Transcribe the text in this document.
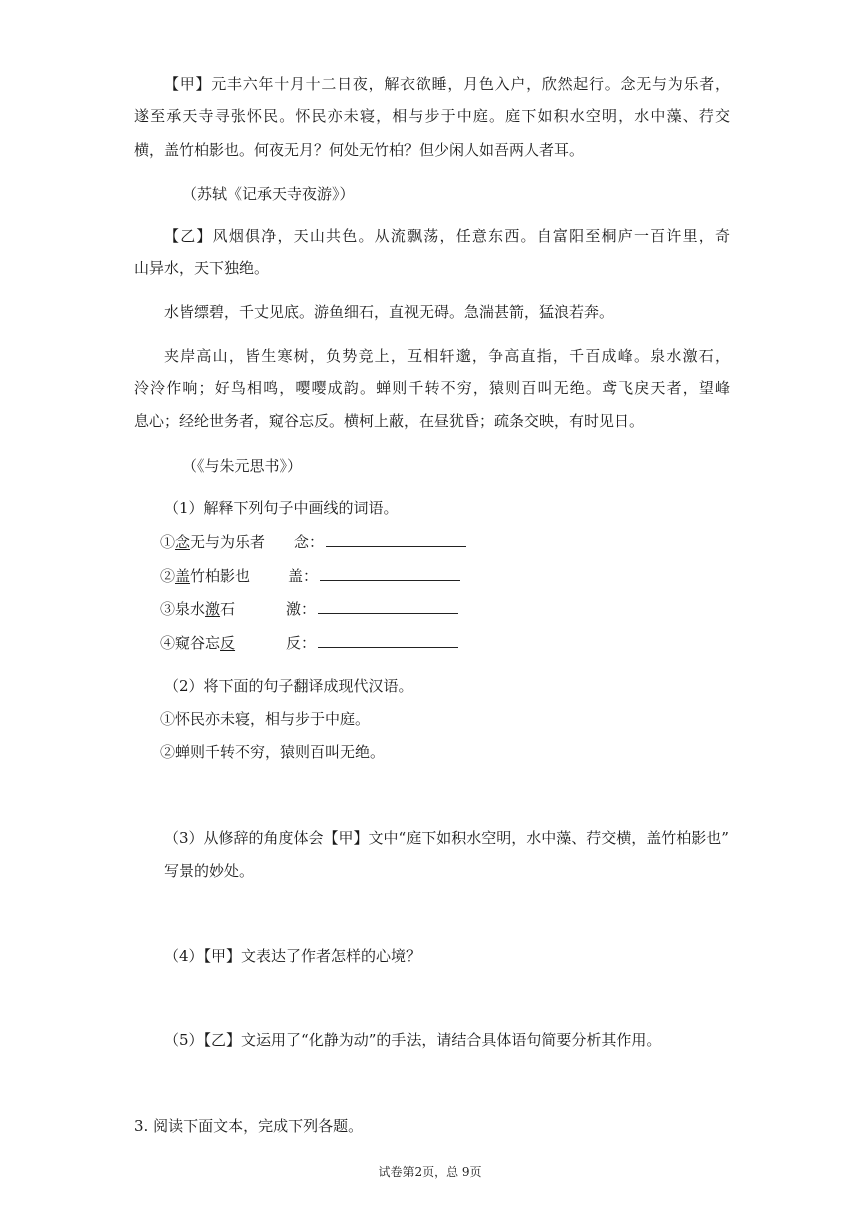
【甲】元丰六年十月十二日夜，解衣欲睡，月色入户，欣然起行。念无与为乐者，
遂至承天寺寻张怀民。怀民亦未寝，相与步于中庭。庭下如积水空明，水中藻、荇交
横，盖竹柏影也。何夜无月？何处无竹柏？但少闲人如吾两人者耳。
（苏轼《记承天寺夜游》）
【乙】风烟俱净，天山共色。从流飘荡，任意东西。自富阳至桐庐一百许里，奇
山异水，天下独绝。
水皆缥碧，千丈见底。游鱼细石，直视无碍。急湍甚箭，猛浪若奔。
夹岸高山，皆生寒树，负势竞上，互相轩邈，争高直指，千百成峰。泉水激石，
泠泠作响；好鸟相鸣，嘤嘤成韵。蝉则千转不穷，猿则百叫无绝。鸢飞戾天者，望峰
息心；经纶世务者，窥谷忘反。横柯上蔽，在昼犹昏；疏条交映，有时见日。
（《与朱元思书》）
（1）解释下列句子中画线的词语。
①念无与为乐者 念：
②盖竹柏影也	盖：
③泉水激石	激：
④窥谷忘反	反：
（2）将下面的句子翻译成现代汉语。
①怀民亦未寝，相与步于中庭。
②蝉则千转不穷，猿则百叫无绝。
（3）从修辞的角度体会【甲】文中“庭下如积水空明，水中藻、荇交横，盖竹柏影也”
写景的妙处。
（4）【甲】文表达了作者怎样的心境？
（5）【乙】文运用了“化静为动”的手法，请结合具体语句简要分析其作用。
3. 阅读下面文本，完成下列各题。
试卷第2页，总 9页
